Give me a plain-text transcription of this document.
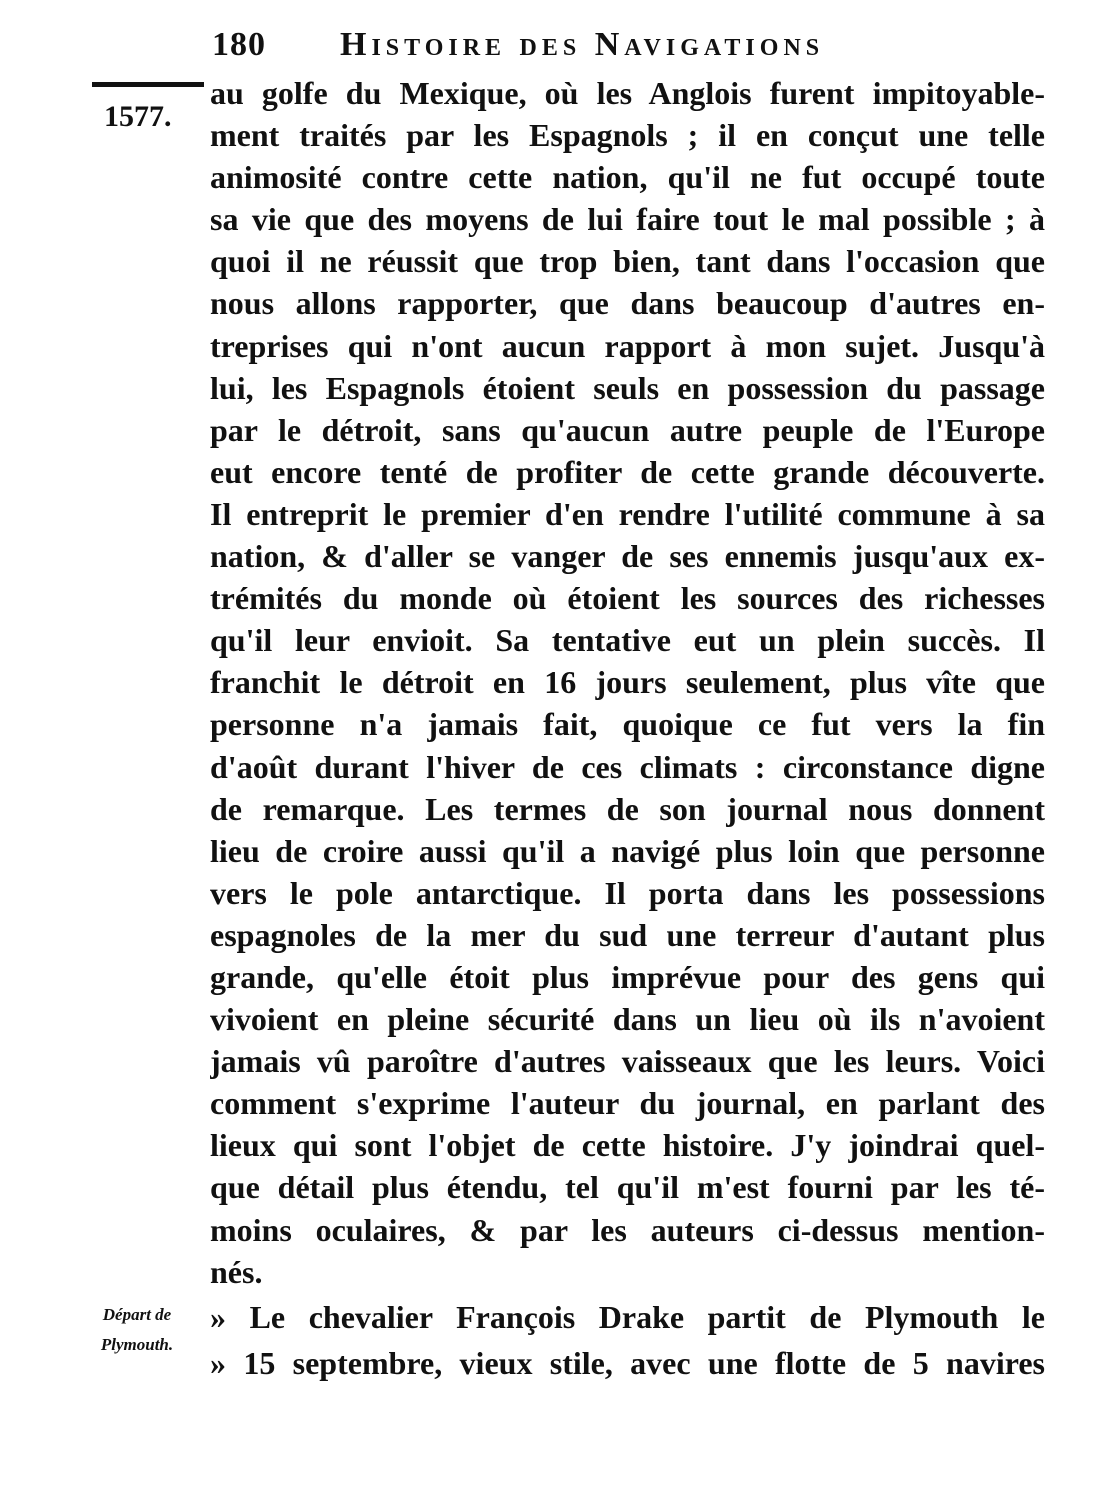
180 Histoire des Navigations
1577.
au golfe du Mexique, où les Anglois furent impitoyable-
ment traités par les Espagnols ; il en conçut une telle
animosité contre cette nation, qu'il ne fut occupé toute
sa vie que des moyens de lui faire tout le mal possible ; à
quoi il ne réussit que trop bien, tant dans l'occasion que
nous allons rapporter, que dans beaucoup d'autres en-
treprises qui n'ont aucun rapport à mon sujet. Jusqu'à
lui, les Espagnols étoient seuls en possession du passage
par le détroit, sans qu'aucun autre peuple de l'Europe
eut encore tenté de profiter de cette grande découverte.
Il entreprit le premier d'en rendre l'utilité commune à sa
nation, & d'aller se vanger de ses ennemis jusqu'aux ex-
trémités du monde où étoient les sources des richesses
qu'il leur envioit. Sa tentative eut un plein succès. Il
franchit le détroit en 16 jours seulement, plus vîte que
personne n'a jamais fait, quoique ce fut vers la fin
d'août durant l'hiver de ces climats : circonstance digne
de remarque. Les termes de son journal nous donnent
lieu de croire aussi qu'il a navigé plus loin que personne
vers le pole antarctique. Il porta dans les possessions
espagnoles de la mer du sud une terreur d'autant plus
grande, qu'elle étoit plus imprévue pour des gens qui
vivoient en pleine sécurité dans un lieu où ils n'avoient
jamais vû paroître d'autres vaisseaux que les leurs. Voici
comment s'exprime l'auteur du journal, en parlant des
lieux qui sont l'objet de cette histoire. J'y joindrai quel-
que détail plus étendu, tel qu'il m'est fourni par les té-
moins oculaires, & par les auteurs ci-dessus mention-
nés.
Départ de
Plymouth.
» Le chevalier François Drake partit de Plymouth le
» 15 septembre, vieux stile, avec une flotte de 5 navires
